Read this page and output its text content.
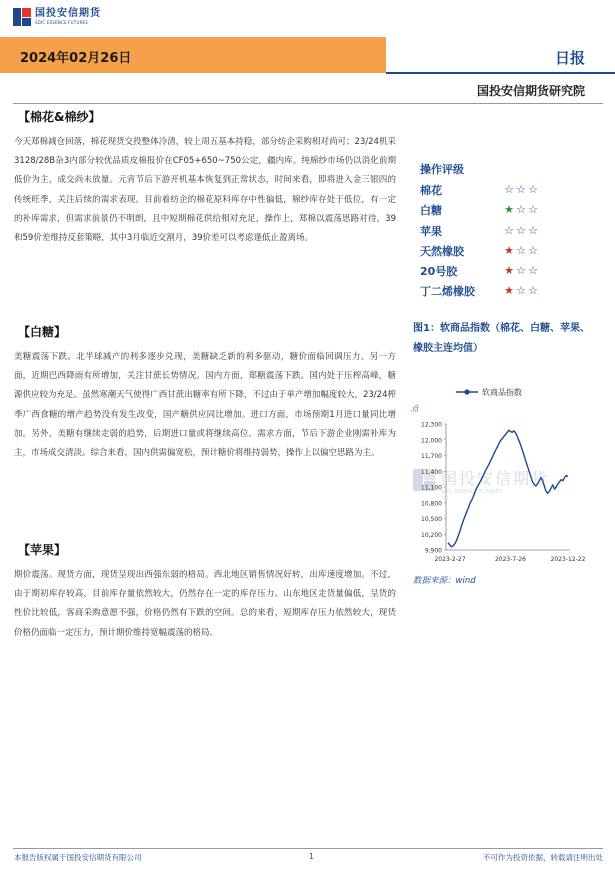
国投安信期货
SDIC ESSENCE FUTURES
2024年02月26日	日报
国投安信期货研究院
【棉花&棉纱】
今天郑棉减仓回落，棉花现货交投整体冷清，较上周五基本持稳，部分纺企采购相对尚可；23/24机采3128/28B杂3内部分较优品质皮棉报价在CF05+650~750公定，疆内库。纯棉纱市场仍以消化前期低价为主，成交尚未放量。元宵节后下游开机基本恢复到正常状态，时间来看，即将进入金三银四的传统旺季，关注后续的需求表现。目前着纺企的棉花原料库存中性偏低，棉纱库存处于低位，有一定的补库需求，但需求前景仍不明朗，且中短期棉花供给相对充足，操作上，郑棉以震荡思路对待，39和59价差维持反套策略，其中3月临近交割月，39价差可以考虑逢低止盈离场。
【白糖】
美糖震荡下跌。北半球减产的利多逐步兑现，美糖缺乏新的利多驱动，糖价面临回调压力。另一方面，近期巴西降雨有所增加，关注甘蔗长势情况。国内方面，郑糖震荡下跌。国内处于压榨高峰，糖源供应较为充足。虽然寒潮天气使得广西甘蔗出糖率有所下降，不过由于单产增加幅度较大，23/24榨季广西食糖的增产趋势没有发生改变，国产糖供应同比增加。进口方面，市场预期1月进口量同比增加。另外，美糖有继续走弱的趋势，后期进口量或将继续高位。需求方面，节后下游企业刚需补库为主，市场成交清淡。综合来看，国内供需偏宽松，预计糖价将维持弱势，操作上以偏空思路为主。
【苹果】
期价震荡。现货方面，现货呈现出西强东弱的格局。西北地区销售情况好转，出库速度增加。不过，由于期初库存较高，目前库存量依然较大，仍然存在一定的库存压力。山东地区走货量偏低，呈货的性价比较低，客商采购意愿不强，价格仍然有下跌的空间。总的来看，短期库存压力依然较大，现货价格仍面临一定压力，预计期价维持宽幅震荡的格局。
操作评级
棉花	☆ ☆ ☆
白糖	★ ☆ ☆
苹果	☆ ☆ ☆
天然橡胶	★ ☆ ☆
20号胶	★ ☆ ☆
丁二烯橡胶	★ ☆ ☆
图1：软商品指数（棉花、白糖、苹果、橡胶主连均值）
国投安信期货
SDIC ESSENCE FUTURES
软商品指数
点
9,900
10,200
10,500
10,800
11,100
11,400
11,700
12,000
12,300
2023-2-27	2023-7-26	2023-12-22
数据来源：wind
本报告版权属于国投安信期货有限公司	1	不可作为投资依据，转载请注明出处
